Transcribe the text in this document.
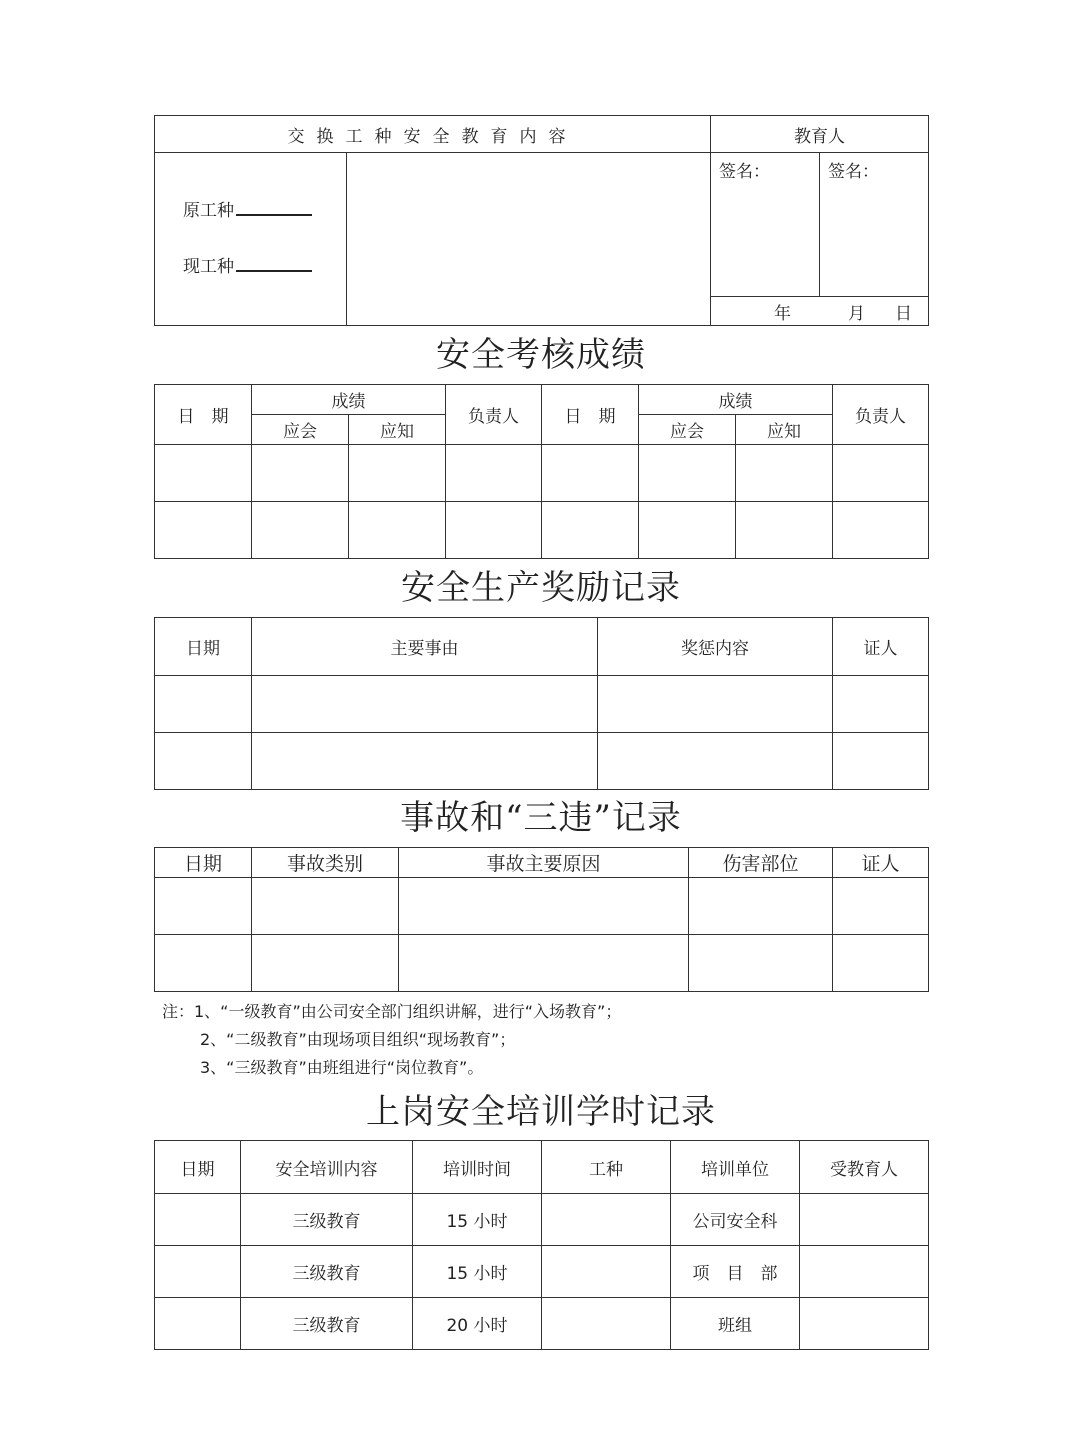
交换工种安全教育内容		教育人	

原工种
现工种		签名：	签名：
		年 月 日	
安全考核成绩
日　期	成绩		负责人	日　期	成绩		负责人
	应会	应知			应会	应知	

安全生产奖励记录
日期	主要事由	奖惩内容	证人

事故和“三违”记录
日期	事故类别	事故主要原因	伤害部位	证人

注：1、“一级教育”由公司安全部门组织讲解，进行“入场教育”；
2、“二级教育”由现场项目组织“现场教育”；
3、“三级教育”由班组进行“岗位教育”。
上岗安全培训学时记录
日期	安全培训内容	培训时间	工种	培训单位	受教育人
	三级教育	15 小时		公司安全科	
	三级教育	15 小时		项　目　部	
	三级教育	20 小时		班组	
